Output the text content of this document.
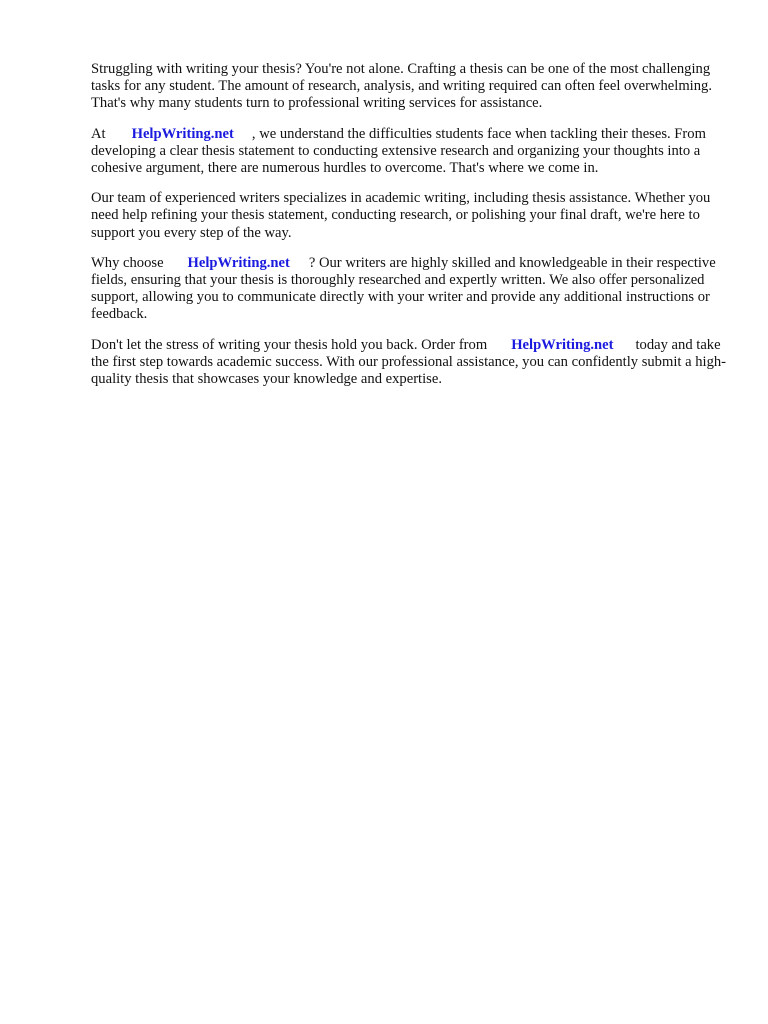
Struggling with writing your thesis? You're not alone. Crafting a thesis can be one of the most challenging tasks for any student. The amount of research, analysis, and writing required can often feel overwhelming. That's why many students turn to professional writing services for assistance.

At HelpWriting.net , we understand the difficulties students face when tackling their theses. From developing a clear thesis statement to conducting extensive research and organizing your thoughts into a cohesive argument, there are numerous hurdles to overcome. That's where we come in.

Our team of experienced writers specializes in academic writing, including thesis assistance. Whether you need help refining your thesis statement, conducting research, or polishing your final draft, we're here to support you every step of the way.

Why choose HelpWriting.net ? Our writers are highly skilled and knowledgeable in their respective fields, ensuring that your thesis is thoroughly researched and expertly written. We also offer personalized support, allowing you to communicate directly with your writer and provide any additional instructions or feedback.

Don't let the stress of writing your thesis hold you back. Order from HelpWriting.net today and take the first step towards academic success. With our professional assistance, you can confidently submit a high-quality thesis that showcases your knowledge and expertise.
